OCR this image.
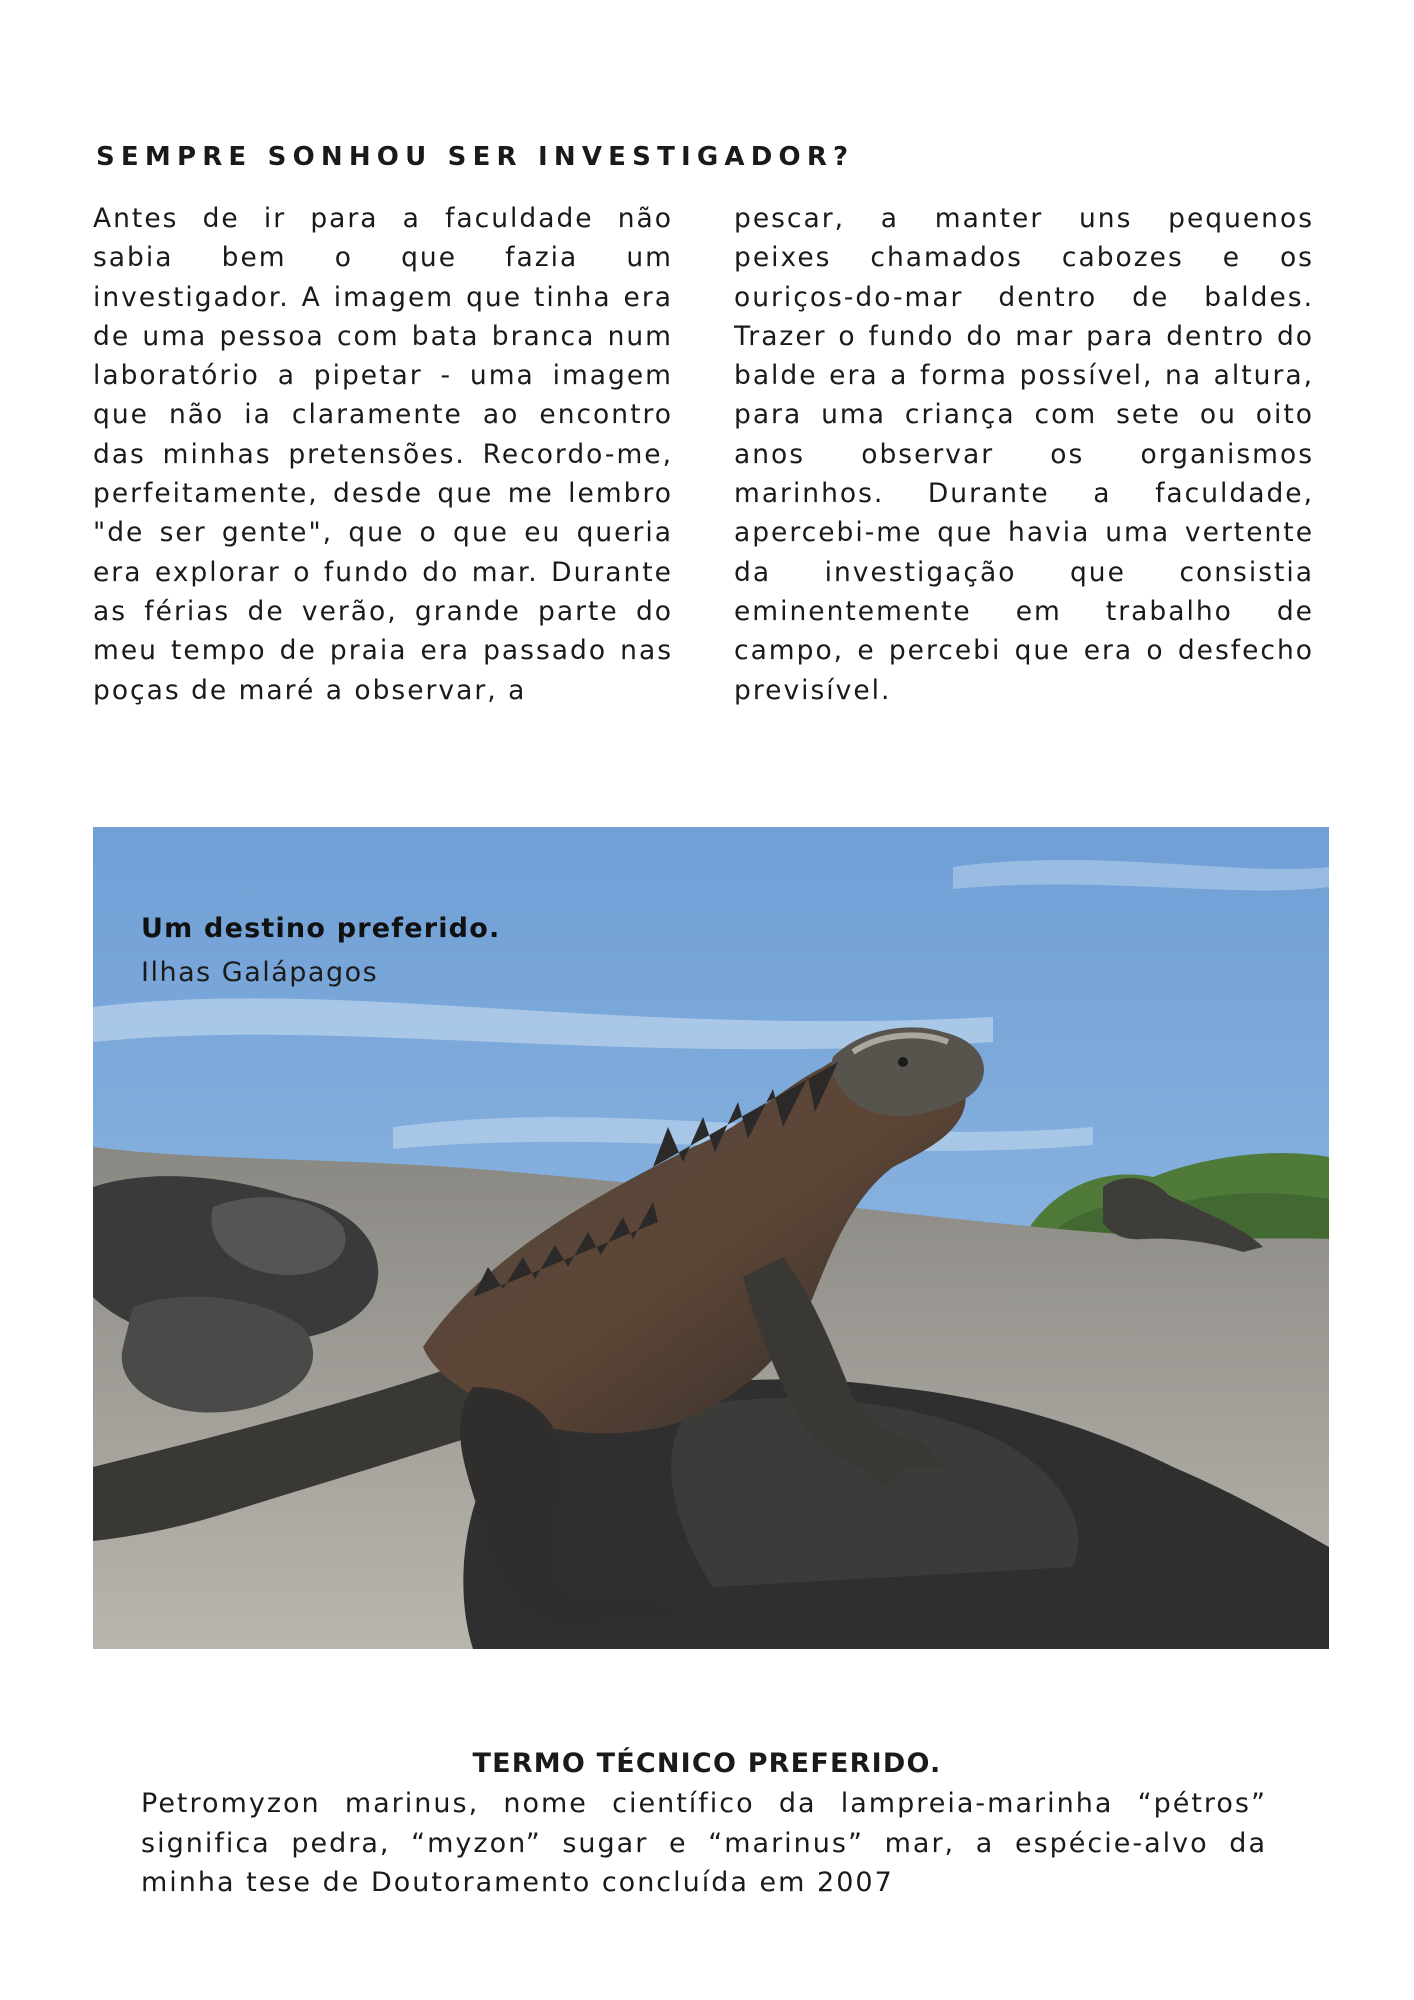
SEMPRE SONHOU SER INVESTIGADOR?

Antes de ir para a faculdade não sabia bem o que fazia um investigador. A imagem que tinha era de uma pessoa com bata branca num laboratório a pipetar - uma imagem que não ia claramente ao encontro das minhas pretensões. Recordo-me, perfeitamente, desde que me lembro "de ser gente", que o que eu queria era explorar o fundo do mar. Durante as férias de verão, grande parte do meu tempo de praia era passado nas poças de maré a observar, a

pescar, a manter uns pequenos peixes chamados cabozes e os ouriços-do-mar dentro de baldes. Trazer o fundo do mar para dentro do balde era a forma possível, na altura, para uma criança com sete ou oito anos observar os organismos marinhos. Durante a faculdade, apercebi-me que havia uma vertente da investigação que consistia eminentemente em trabalho de campo, e percebi que era o desfecho previsível.

Um destino preferido.

Ilhas Galápagos

TERMO TÉCNICO PREFERIDO.

Petromyzon marinus, nome científico da lampreia-marinha “pétros” significa pedra, “myzon” sugar e “marinus” mar, a espécie-alvo da minha tese de Doutoramento concluída em 2007
